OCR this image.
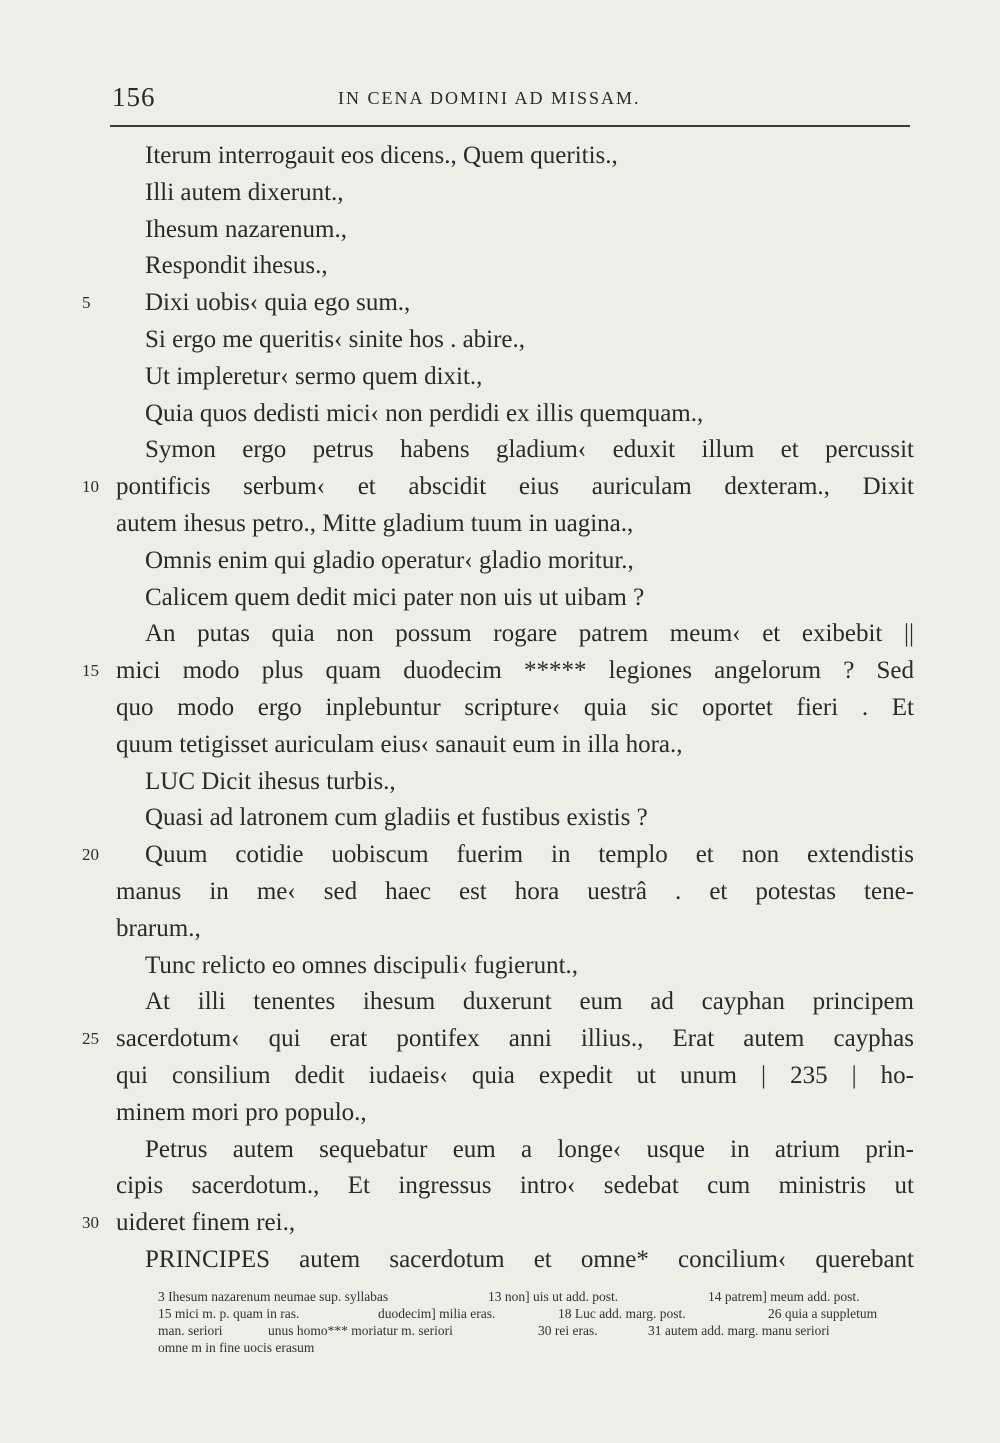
156	IN CENA DOMINI AD MISSAM.
Iterum interrogauit eos dicens., Quem queritis.,
Illi autem dixerunt.,
Ihesum nazarenum.,
Respondit ihesus.,
Dixi uobis‹ quia ego sum.,
5
Si ergo me queritis‹ sinite hos . abire.,
Ut impleretur‹ sermo quem dixit.,
Quia quos dedisti mici‹ non perdidi ex illis quemquam.,
Symon ergo petrus habens gladium‹ eduxit illum et percussit
pontificis serbum‹ et abscidit eius auriculam dexteram., Dixit
10
autem ihesus petro., Mitte gladium tuum in uagina.,
Omnis enim qui gladio operatur‹ gladio moritur.,
Calicem quem dedit mici pater non uis ut uibam ?
An putas quia non possum rogare patrem meum‹ et exibebit ||
mici modo plus quam duodecim ***** legiones angelorum ? Sed
15
quo modo ergo inplebuntur scripture‹ quia sic oportet fieri . Et
quum tetigisset auriculam eius‹ sanauit eum in illa hora.,
LUC Dicit ihesus turbis.,
Quasi ad latronem cum gladiis et fustibus existis ?
Quum cotidie uobiscum fuerim in templo et non extendistis
20
manus in me‹ sed haec est hora uestrâ . et potestas tene-
brarum.,
Tunc relicto eo omnes discipuli‹ fugierunt.,
At illi tenentes ihesum duxerunt eum ad cayphan principem
sacerdotum‹ qui erat pontifex anni illius., Erat autem cayphas
25
qui consilium dedit iudaeis‹ quia expedit ut unum | 235 | ho-
minem mori pro populo.,
Petrus autem sequebatur eum a longe‹ usque in atrium prin-
cipis sacerdotum., Et ingressus intro‹ sedebat cum ministris ut
uideret finem rei.,
30
PRINCIPES autem sacerdotum et omne* concilium‹ querebant
3 Ihesum nazarenum neumae sup. syllabas	13 non] uis ut add. post.	14 patrem] meum add. post.
15 mici m. p. quam in ras.	duodecim] milia eras.	18 Luc add. marg. post.	26 quia a suppletum
man. seriori	unus homo*** moriatur m. seriori	30 rei eras.	31 autem add. marg. manu seriori
omne m in fine uocis erasum
